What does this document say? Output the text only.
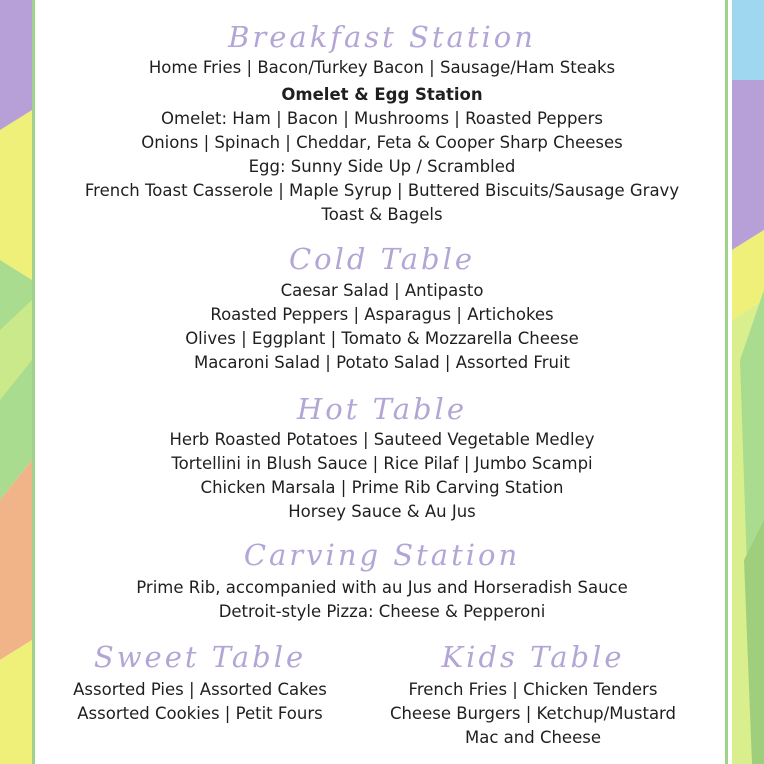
Breakfast Station
Home Fries | Bacon/Turkey Bacon | Sausage/Ham Steaks
Omelet & Egg Station
Omelet: Ham | Bacon | Mushrooms | Roasted Peppers
Onions | Spinach | Cheddar, Feta & Cooper Sharp Cheeses
Egg: Sunny Side Up / Scrambled
French Toast Casserole | Maple Syrup | Buttered Biscuits/Sausage Gravy
Toast & Bagels
Cold Table
Caesar Salad | Antipasto
Roasted Peppers | Asparagus | Artichokes
Olives | Eggplant | Tomato & Mozzarella Cheese
Macaroni Salad | Potato Salad | Assorted Fruit
Hot Table
Herb Roasted Potatoes | Sauteed Vegetable Medley
Tortellini in Blush Sauce | Rice Pilaf | Jumbo Scampi
Chicken Marsala | Prime Rib Carving Station
Horsey Sauce & Au Jus
Carving Station
Prime Rib, accompanied with au Jus and Horseradish Sauce
Detroit-style Pizza: Cheese & Pepperoni
Sweet Table
Assorted Pies | Assorted Cakes
Assorted Cookies | Petit Fours
Kids Table
French Fries | Chicken Tenders
Cheese Burgers | Ketchup/Mustard
Mac and Cheese
